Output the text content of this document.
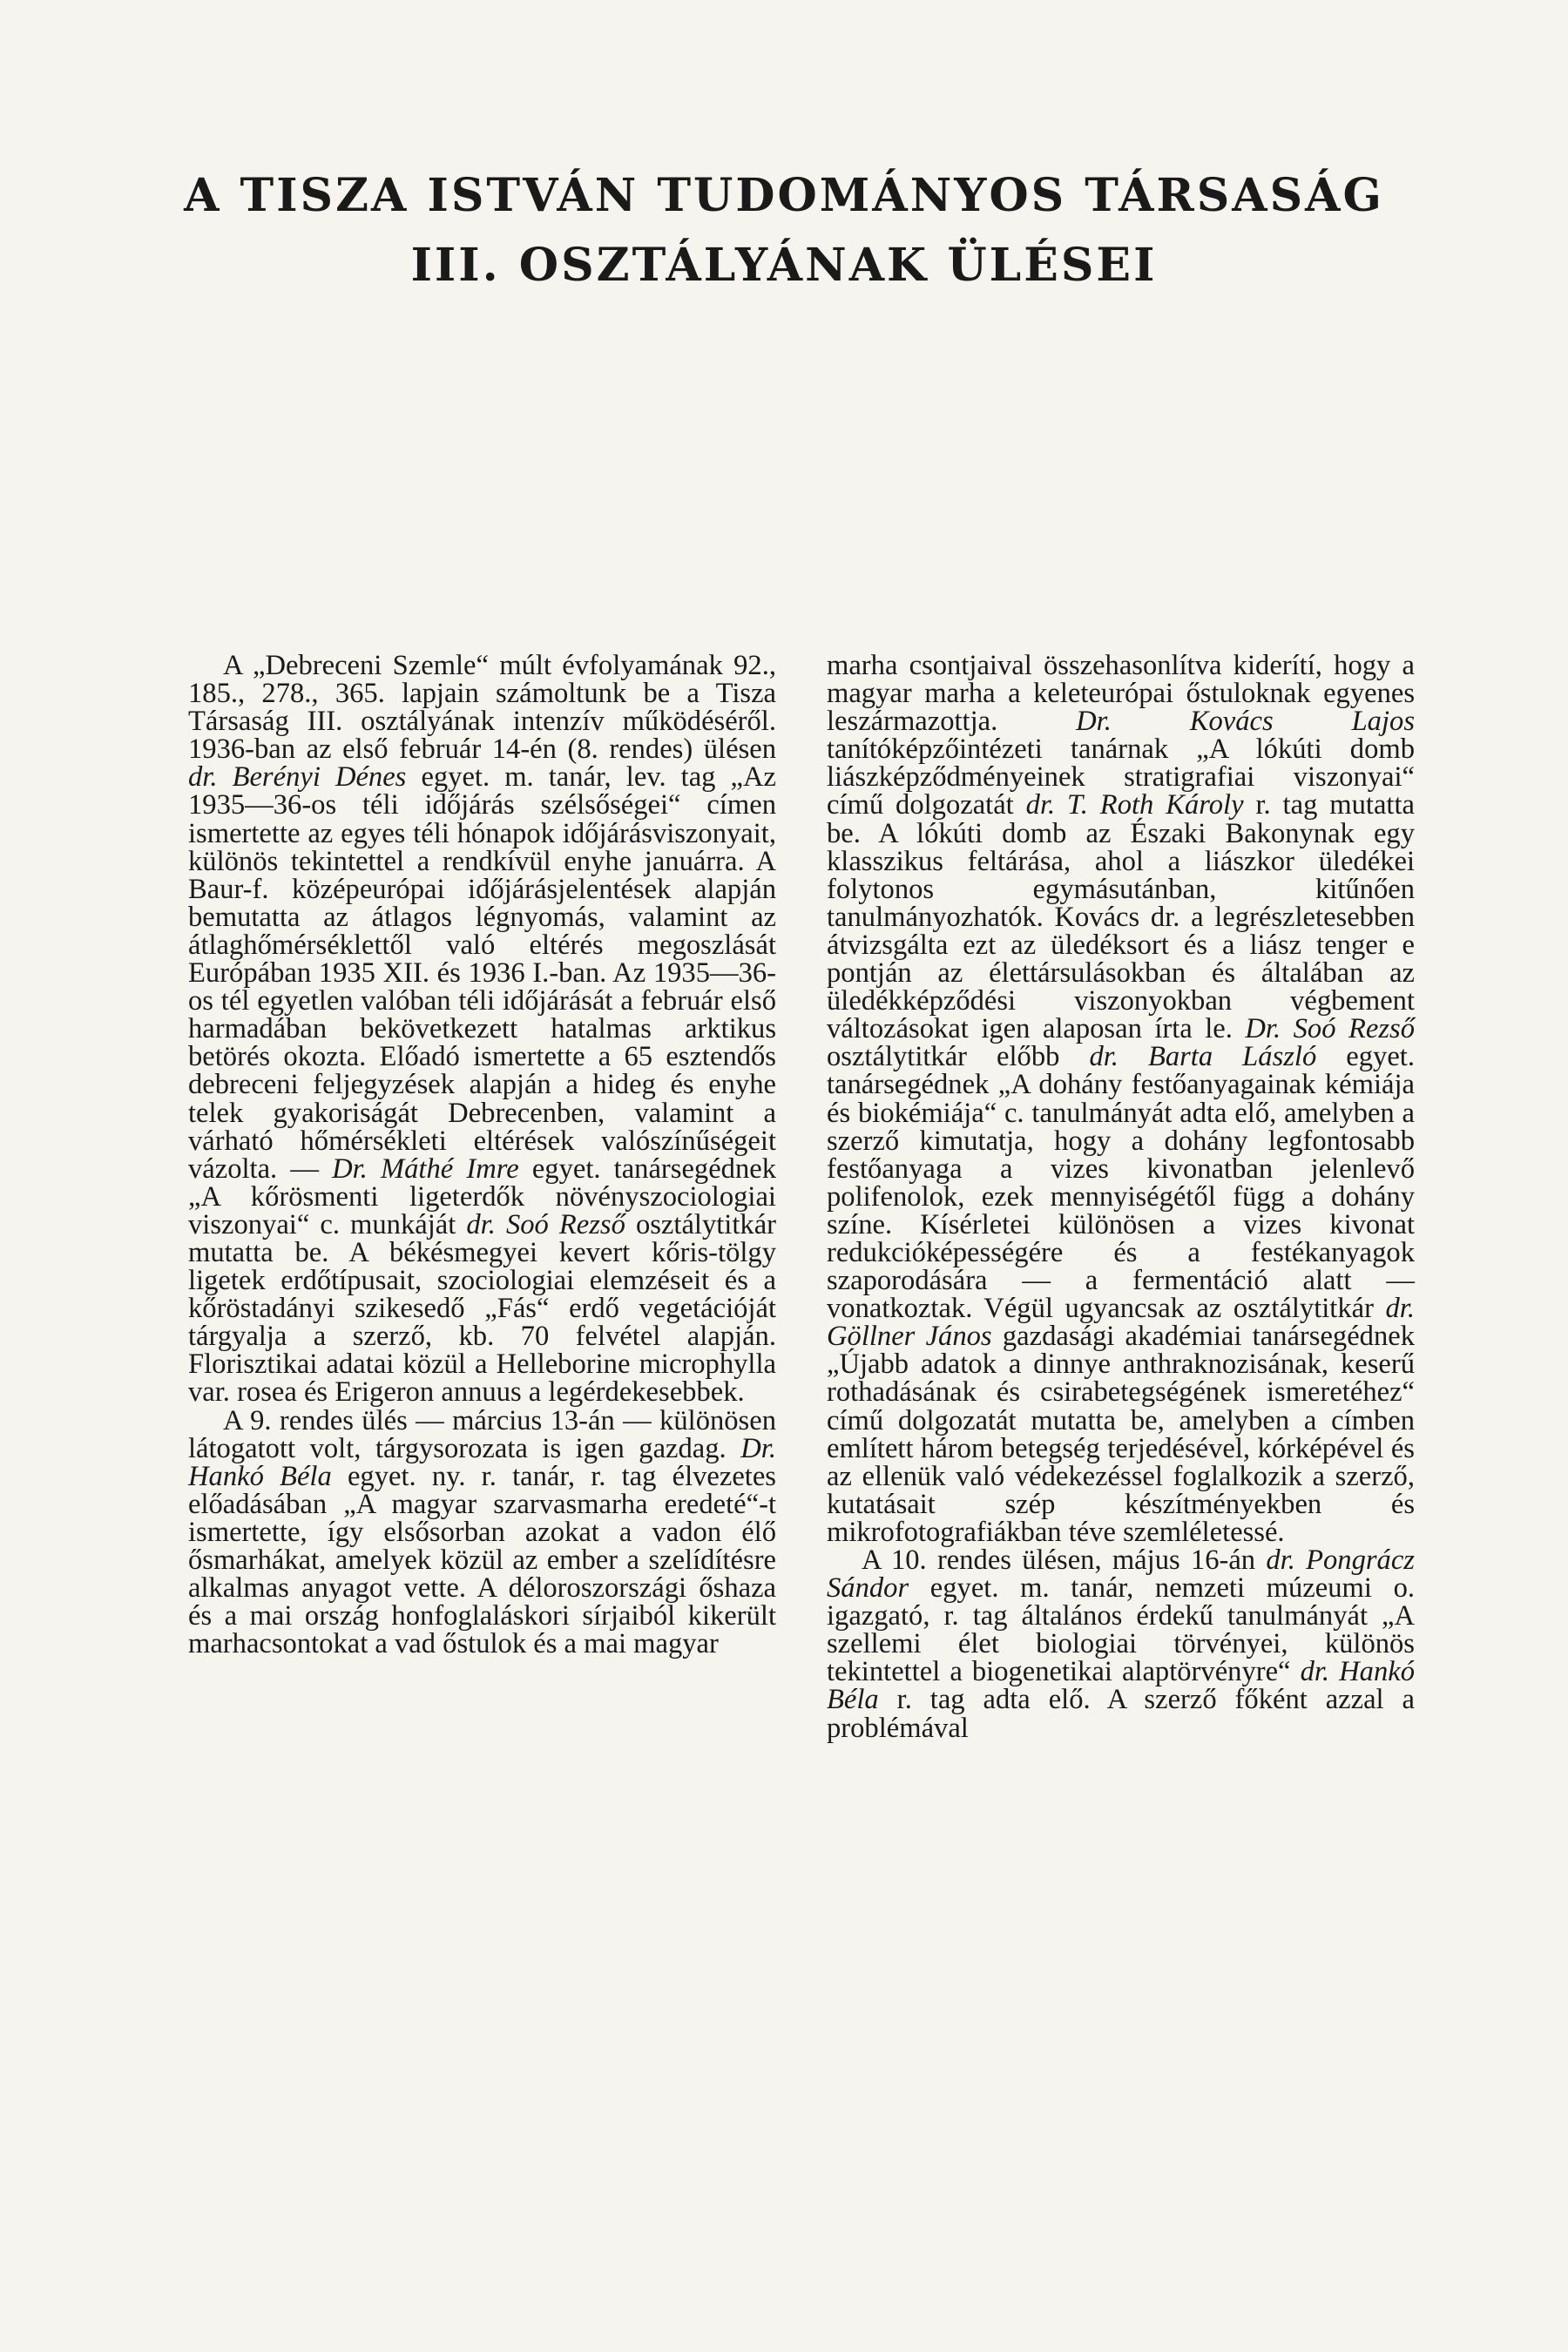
A TISZA ISTVÁN TUDOMÁNYOS TÁRSASÁG
III. OSZTÁLYÁNAK ÜLÉSEI

A „Debreceni Szemle“ múlt évfolyamának 92., 185., 278., 365. lapjain számoltunk be a Tisza Társaság III. osztályának intenzív működéséről. 1936-ban az első február 14-én (8. rendes) ülésen dr. Berényi Dénes egyet. m. tanár, lev. tag „Az 1935—36-os téli időjárás szélsőségei“ címen ismertette az egyes téli hónapok időjárásviszonyait, különös tekintettel a rendkívül enyhe januárra. A Baur-f. középeurópai időjárásjelentések alapján bemutatta az átlagos légnyomás, valamint az átlaghőmérséklettől való eltérés megoszlását Európában 1935 XII. és 1936 I.-ban. Az 1935—36-os tél egyetlen valóban téli időjárását a február első harmadában bekövetkezett hatalmas arktikus betörés okozta. Előadó ismertette a 65 esztendős debreceni feljegyzések alapján a hideg és enyhe telek gyakoriságát Debrecenben, valamint a várható hőmérsékleti eltérések valószínűségeit vázolta. — Dr. Máthé Imre egyet. tanársegédnek „A kőrösmenti ligeterdők növényszociologiai viszonyai“ c. munkáját dr. Soó Rezső osztálytitkár mutatta be. A békésmegyei kevert kőris-tölgy ligetek erdőtípusait, szociologiai elemzéseit és a kőröstadányi szikesedő „Fás“ erdő vegetációját tárgyalja a szerző, kb. 70 felvétel alapján. Florisztikai adatai közül a Helleborine microphylla var. rosea és Erigeron annuus a legérdekesebbek.

A 9. rendes ülés — március 13-án — különösen látogatott volt, tárgysorozata is igen gazdag. Dr. Hankó Béla egyet. ny. r. tanár, r. tag élvezetes előadásában „A magyar szarvasmarha eredeté“-t ismertette, így elsősorban azokat a vadon élő ősmarhákat, amelyek közül az ember a szelídítésre alkalmas anyagot vette. A déloroszországi őshaza és a mai ország honfoglaláskori sírjaiból kikerült marhacsontokat a vad őstulok és a mai magyar

marha csontjaival összehasonlítva kiderítí, hogy a magyar marha a keleteurópai őstuloknak egyenes leszármazottja.	Dr. Kovács Lajos tanítóképzőintézeti tanárnak „A lókúti domb liászképződményeinek stratigrafiai viszonyai“ című dolgozatát dr. T. Roth Károly r. tag mutatta be. A lókúti domb az Északi Bakonynak egy klasszikus feltárása, ahol a liászkor üledékei folytonos egymásutánban, kitűnően tanulmányozhatók. Kovács dr. a legrészletesebben átvizsgálta ezt az üledéksort és a liász tenger e pontján az élettársulásokban és általában az üledékképződési viszonyokban végbement változásokat igen alaposan írta le. Dr. Soó Rezső osztálytitkár előbb dr. Barta László egyet. tanársegédnek „A dohány festőanyagainak kémiája és biokémiája“ c. tanulmányát adta elő, amelyben a szerző kimutatja, hogy a dohány legfontosabb festőanyaga a vizes kivonatban jelenlevő polifenolok, ezek mennyiségétől függ a dohány színe. Kísérletei különösen a vizes kivonat redukcióképességére és a festékanyagok szaporodására — a fermentáció alatt — vonatkoztak. Végül ugyancsak az osztálytitkár dr. Göllner János gazdasági akadémiai tanársegédnek „Újabb adatok a dinnye anthraknozisának, keserű rothadásának és csirabetegségének ismeretéhez“ című dolgozatát mutatta be, amelyben a címben említett három betegség terjedésével, kórképével és az ellenük való védekezéssel foglalkozik a szerző, kutatásait szép készítményekben és mikrofotografiákban téve szemléletessé.

A 10. rendes ülésen, május 16-án dr. Pongrácz Sándor egyet. m. tanár, nemzeti múzeumi o. igazgató, r. tag általános érdekű tanulmányát „A szellemi élet biologiai törvényei, különös tekintettel a biogenetikai alaptörvényre“ dr. Hankó Béla r. tag adta elő. A szerző főként azzal a problémával
